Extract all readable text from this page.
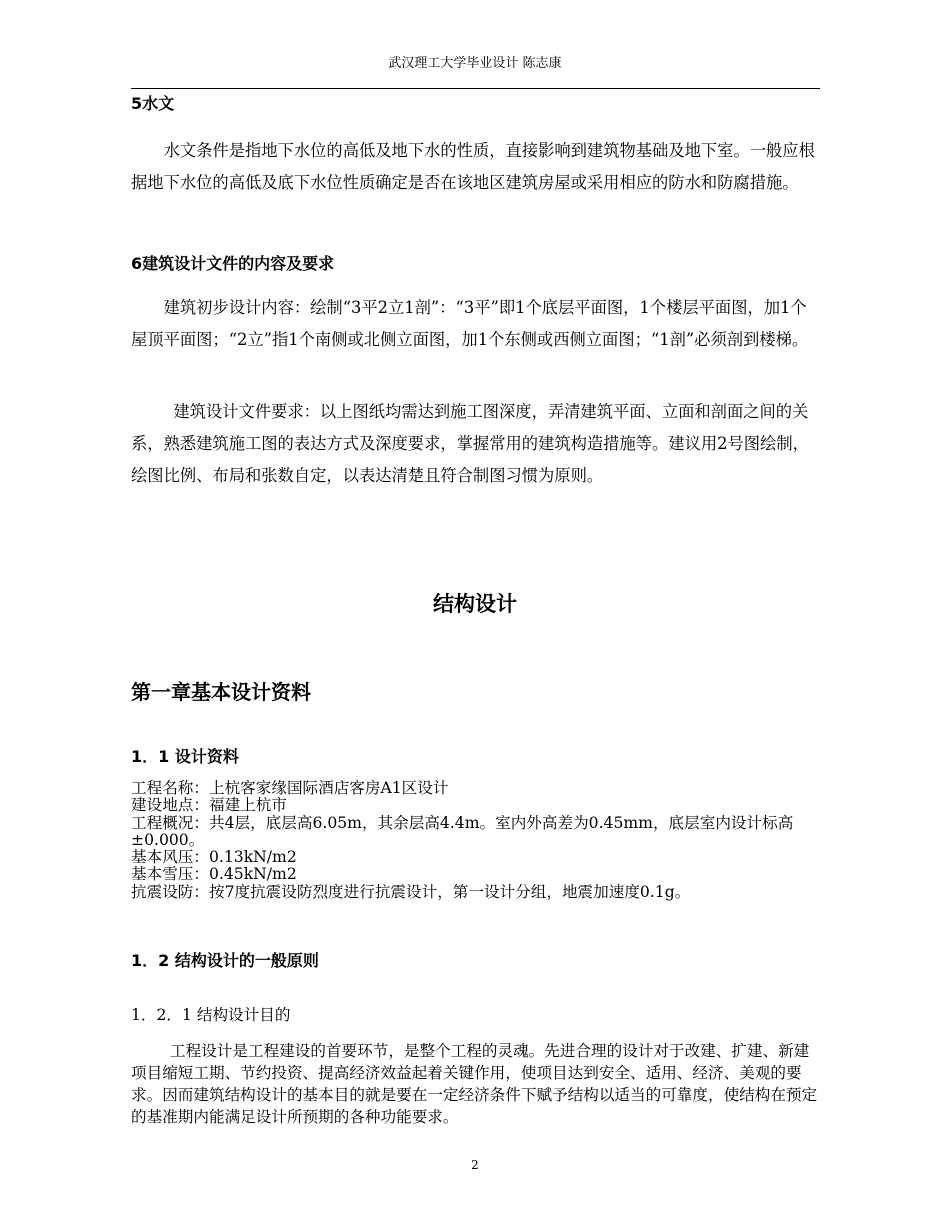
武汉理工大学毕业设计 陈志康
5水文

水文条件是指地下水位的高低及地下水的性质，直接影响到建筑物基础及地下室。一般应根据地下水位的高低及底下水位性质确定是否在该地区建筑房屋或采用相应的防水和防腐措施。

6建筑设计文件的内容及要求

建筑初步设计内容：绘制“3平2立1剖”：“3平”即1个底层平面图，1个楼层平面图，加1个屋顶平面图；“2立”指1个南侧或北侧立面图，加1个东侧或西侧立面图；“1剖”必须剖到楼梯。

建筑设计文件要求：以上图纸均需达到施工图深度，弄清建筑平面、立面和剖面之间的关系，熟悉建筑施工图的表达方式及深度要求，掌握常用的建筑构造措施等。建议用2号图绘制，绘图比例、布局和张数自定，以表达清楚且符合制图习惯为原则。

结构设计
第一章基本设计资料
1．1 设计资料
工程名称：上杭客家缘国际酒店客房A1区设计
建设地点：福建上杭市
工程概况：共4层，底层高6.05m，其余层高4.4m。室内外高差为0.45mm，底层室内设计标高±0.000。
基本风压：0.13kN/m2
基本雪压：0.45kN/m2
抗震设防：按7度抗震设防烈度进行抗震设计，第一设计分组，地震加速度0.1g。
1．2 结构设计的一般原则
1．2．1 结构设计目的

工程设计是工程建设的首要环节，是整个工程的灵魂。先进合理的设计对于改建、扩建、新建项目缩短工期、节约投资、提高经济效益起着关键作用，使项目达到安全、适用、经济、美观的要求。因而建筑结构设计的基本目的就是要在一定经济条件下赋予结构以适当的可靠度，使结构在预定的基准期内能满足设计所预期的各种功能要求。

2
